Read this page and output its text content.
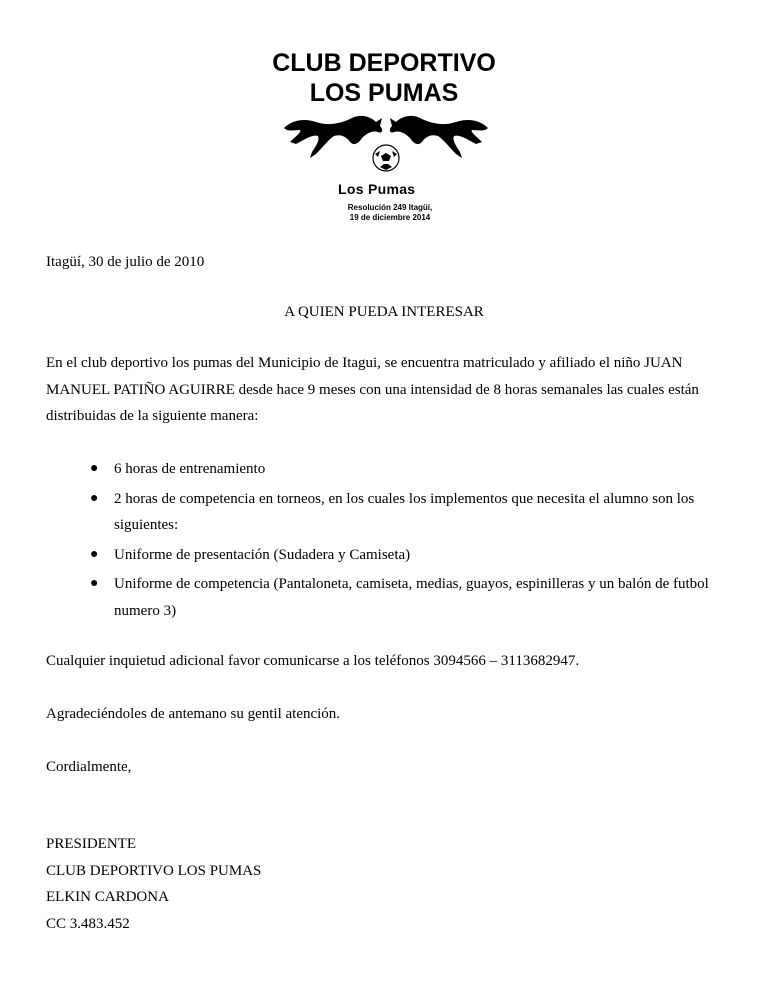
CLUB DEPORTIVO
LOS PUMAS
Los Pumas
Resolución 249 Itagüí,
19 de diciembre 2014
Itagüí, 30 de julio de 2010
A QUIEN PUEDA INTERESAR
En el club deportivo los pumas del Municipio de Itagui, se encuentra matriculado y afiliado el niño JUAN MANUEL PATIÑO AGUIRRE desde hace 9 meses con una intensidad de 8 horas semanales las cuales están distribuidas de la siguiente manera:
● 6 horas de entrenamiento
● 2 horas de competencia en torneos, en los cuales los implementos que necesita el alumno son los siguientes:
● Uniforme de presentación (Sudadera y Camiseta)
● Uniforme de competencia (Pantaloneta, camiseta, medias, guayos, espinilleras y un balón de futbol numero 3)
Cualquier inquietud adicional favor comunicarse a los teléfonos 3094566 – 3113682947.
Agradeciéndoles de antemano su gentil atención.
Cordialmente,
PRESIDENTE
CLUB DEPORTIVO LOS PUMAS
ELKIN CARDONA
CC 3.483.452
